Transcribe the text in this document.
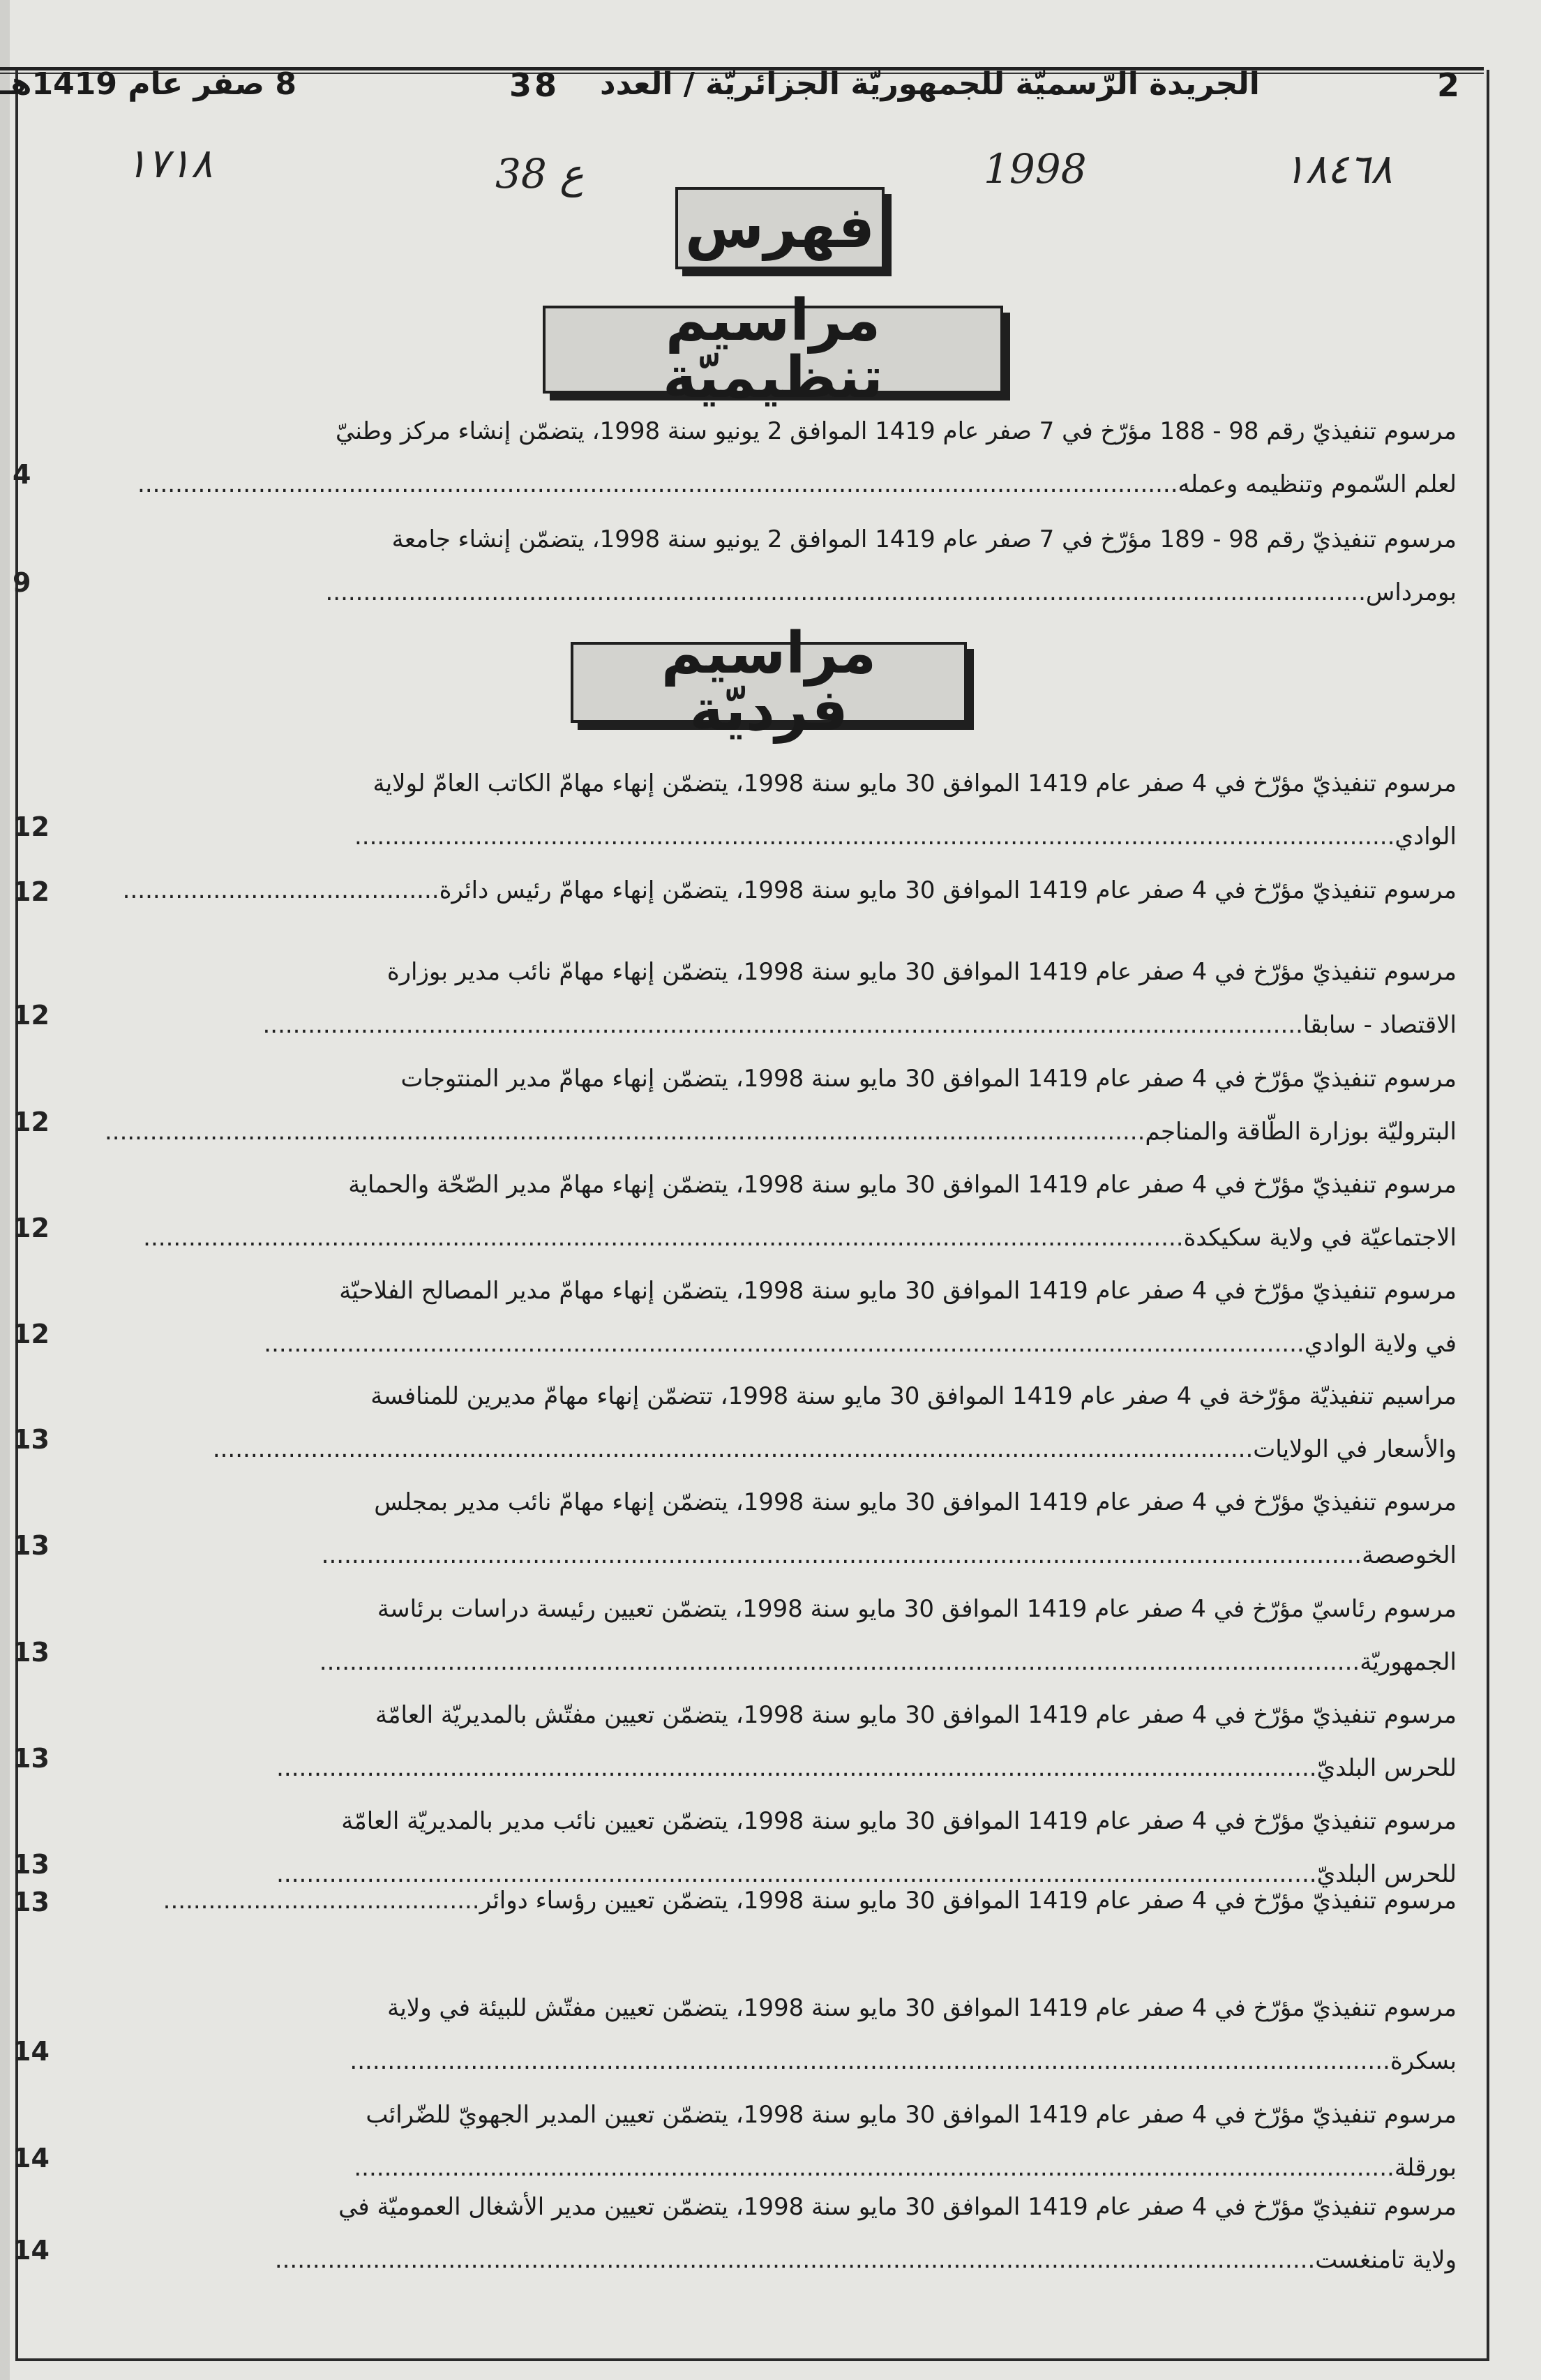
2
الجريدة الرّسميّة للجمهوريّة الجزائريّة / العدد
38
8 صفر عام 1419هـ
١٧١٨	38 ع	1998	١٨٤٦٨
فهرس
مراسيم تنظيميّة
مراسيم فرديّة
مرسوم تنفيذيّ رقم 98 - 188 مؤرّخ في 7 صفر عام 1419 الموافق 2 يونيو سنة 1998، يتضمّن إنشاء مركز وطنيّ
لعلم السّموم وتنظيمه وعمله..........................................................................................................................................
4
مرسوم تنفيذيّ رقم 98 - 189 مؤرّخ في 7 صفر عام 1419 الموافق 2 يونيو سنة 1998، يتضمّن إنشاء جامعة
بومرداس..........................................................................................................................................
9
مرسوم تنفيذيّ مؤرّخ في 4 صفر عام 1419 الموافق 30 مايو سنة 1998، يتضمّن إنهاء مهامّ الكاتب العامّ لولاية
الوادي..........................................................................................................................................
12
مرسوم تنفيذيّ مؤرّخ في 4 صفر عام 1419 الموافق 30 مايو سنة 1998، يتضمّن إنهاء مهامّ رئيس دائرة..........................................
12
مرسوم تنفيذيّ مؤرّخ في 4 صفر عام 1419 الموافق 30 مايو سنة 1998، يتضمّن إنهاء مهامّ نائب مدير بوزارة
الاقتصاد - سابقا..........................................................................................................................................
12
مرسوم تنفيذيّ مؤرّخ في 4 صفر عام 1419 الموافق 30 مايو سنة 1998، يتضمّن إنهاء مهامّ مدير المنتوجات
البتروليّة بوزارة الطّاقة والمناجم..........................................................................................................................................
12
مرسوم تنفيذيّ مؤرّخ في 4 صفر عام 1419 الموافق 30 مايو سنة 1998، يتضمّن إنهاء مهامّ مدير الصّحّة والحماية
الاجتماعيّة في ولاية سكيكدة..........................................................................................................................................
12
مرسوم تنفيذيّ مؤرّخ في 4 صفر عام 1419 الموافق 30 مايو سنة 1998، يتضمّن إنهاء مهامّ مدير المصالح الفلاحيّة
في ولاية الوادي..........................................................................................................................................
12
مراسيم تنفيذيّة مؤرّخة في 4 صفر عام 1419 الموافق 30 مايو سنة 1998، تتضمّن إنهاء مهامّ مديرين للمنافسة
والأسعار في الولايات..........................................................................................................................................
13
مرسوم تنفيذيّ مؤرّخ في 4 صفر عام 1419 الموافق 30 مايو سنة 1998، يتضمّن إنهاء مهامّ نائب مدير بمجلس
الخوصصة..........................................................................................................................................
13
مرسوم رئاسيّ مؤرّخ في 4 صفر عام 1419 الموافق 30 مايو سنة 1998، يتضمّن تعيين رئيسة دراسات برئاسة
الجمهوريّة..........................................................................................................................................
13
مرسوم تنفيذيّ مؤرّخ في 4 صفر عام 1419 الموافق 30 مايو سنة 1998، يتضمّن تعيين مفتّش بالمديريّة العامّة
للحرس البلديّ..........................................................................................................................................
13
مرسوم تنفيذيّ مؤرّخ في 4 صفر عام 1419 الموافق 30 مايو سنة 1998، يتضمّن تعيين نائب مدير بالمديريّة العامّة
للحرس البلديّ..........................................................................................................................................
13
مرسوم تنفيذيّ مؤرّخ في 4 صفر عام 1419 الموافق 30 مايو سنة 1998، يتضمّن تعيين رؤساء دوائر..........................................
13
مرسوم تنفيذيّ مؤرّخ في 4 صفر عام 1419 الموافق 30 مايو سنة 1998، يتضمّن تعيين مفتّش للبيئة في ولاية
بسكرة..........................................................................................................................................
14
مرسوم تنفيذيّ مؤرّخ في 4 صفر عام 1419 الموافق 30 مايو سنة 1998، يتضمّن تعيين المدير الجهويّ للضّرائب
بورقلة..........................................................................................................................................
14
مرسوم تنفيذيّ مؤرّخ في 4 صفر عام 1419 الموافق 30 مايو سنة 1998، يتضمّن تعيين مدير الأشغال العموميّة في
ولاية تامنغست..........................................................................................................................................
14
